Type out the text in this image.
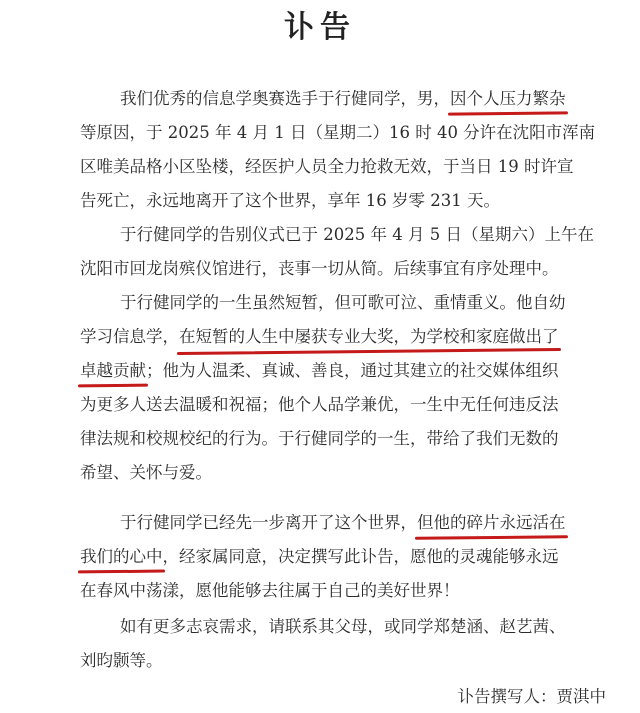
讣告
我们优秀的信息学奥赛选手于行健同学，男，因个人压力繁杂
等原因，于 2025 年 4 月 1 日（星期二）16 时 40 分许在沈阳市浑南
区唯美品格小区坠楼，经医护人员全力抢救无效，于当日 19 时许宣
告死亡，永远地离开了这个世界，享年 16 岁零 231 天。
于行健同学的告别仪式已于 2025 年 4 月 5 日（星期六）上午在
沈阳市回龙岗殡仪馆进行，丧事一切从简。后续事宜有序处理中。
于行健同学的一生虽然短暂，但可歌可泣、重情重义。他自幼
学习信息学，在短暂的人生中屡获专业大奖，为学校和家庭做出了
卓越贡献；他为人温柔、真诚、善良，通过其建立的社交媒体组织
为更多人送去温暖和祝福；他个人品学兼优，一生中无任何违反法
律法规和校规校纪的行为。于行健同学的一生，带给了我们无数的
希望、关怀与爱。
于行健同学已经先一步离开了这个世界，但他的碎片永远活在
我们的心中，经家属同意，决定撰写此讣告，愿他的灵魂能够永远
在春风中荡漾，愿他能够去往属于自己的美好世界！
如有更多志哀需求，请联系其父母，或同学郑楚涵、赵艺茜、
刘昀颢等。
讣告撰写人：贾淇中
